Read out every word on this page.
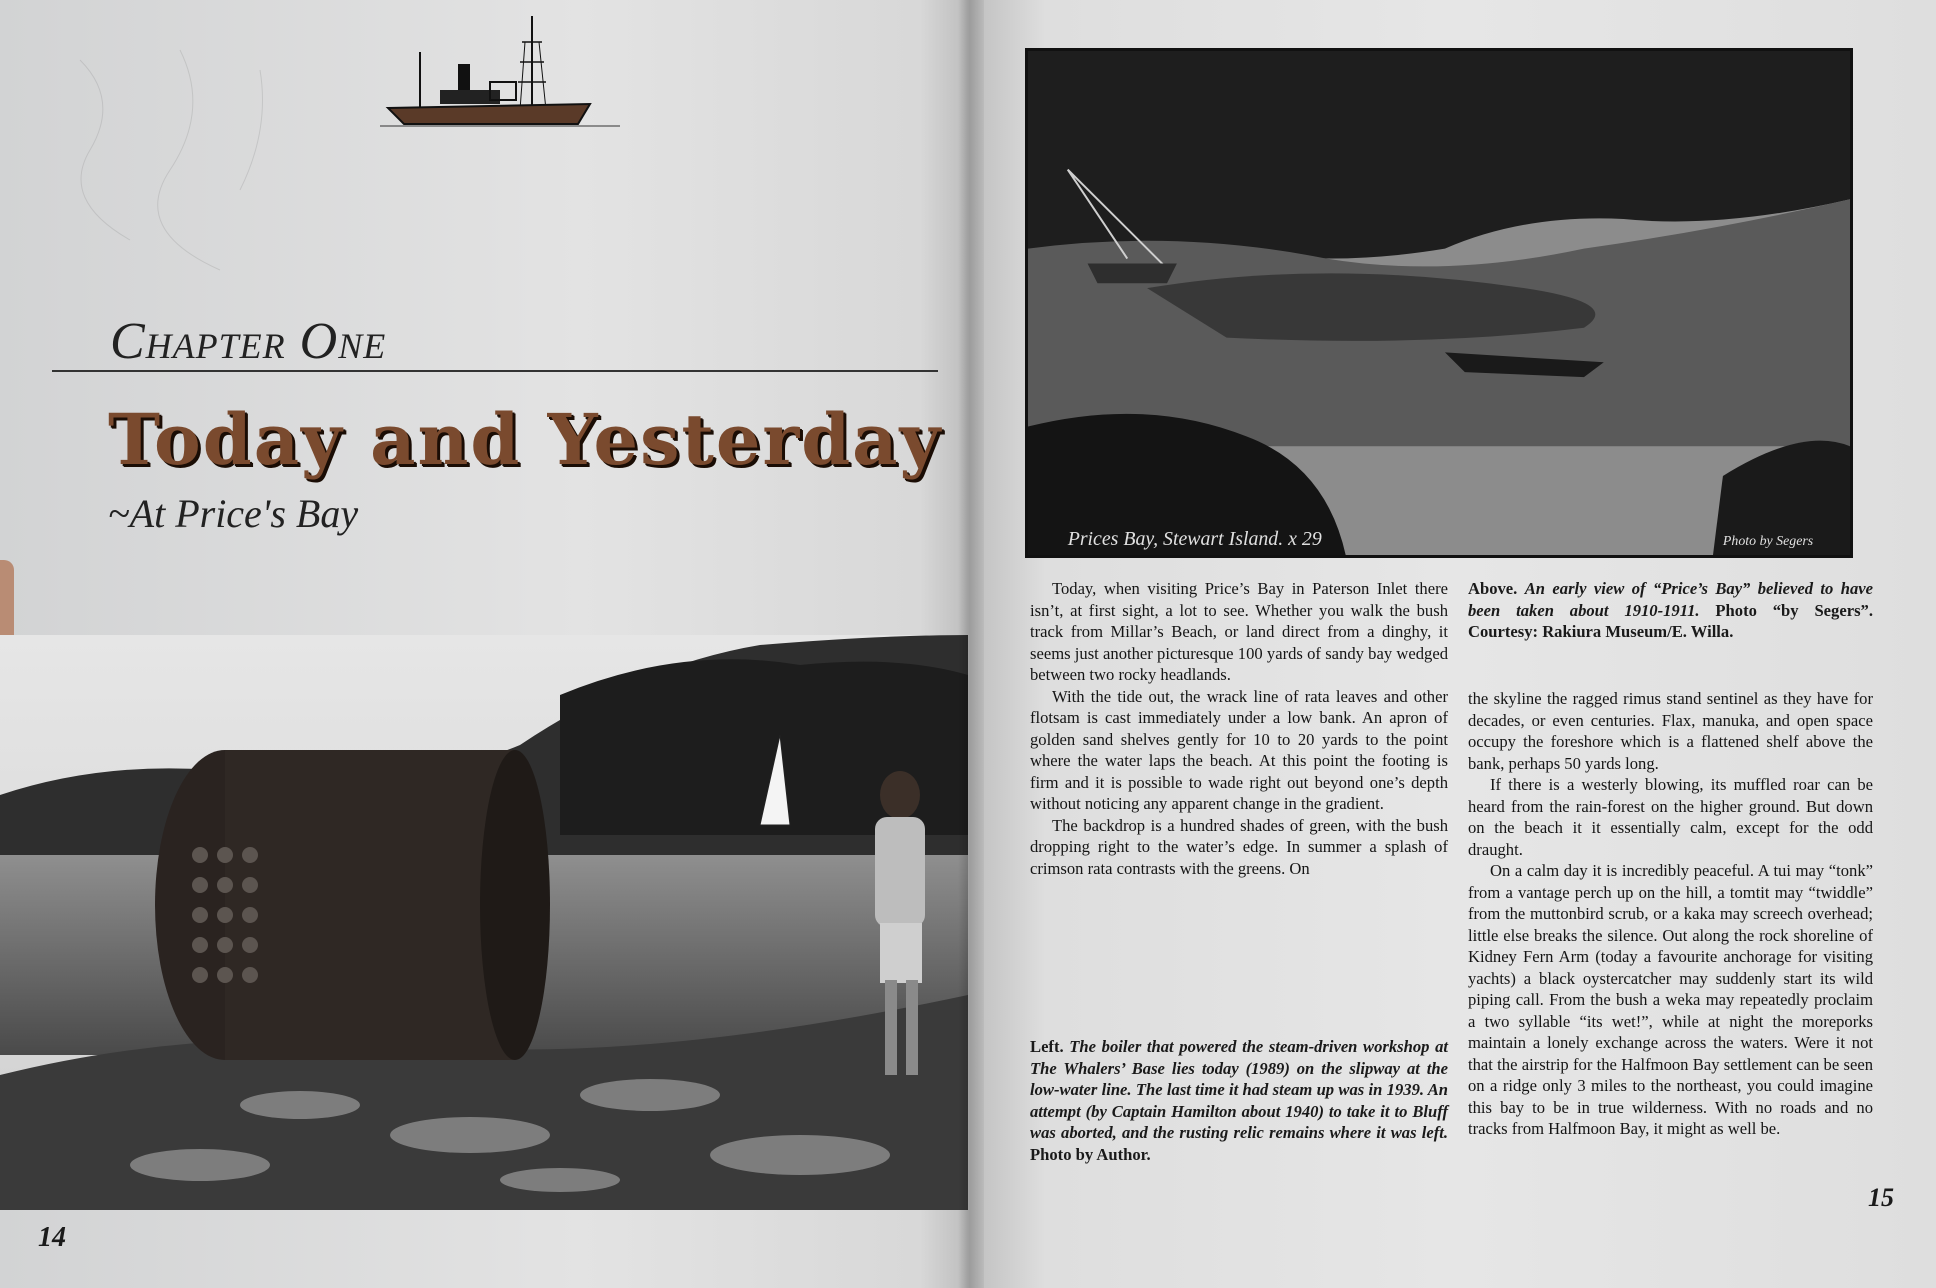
Chapter One
Today and Yesterday
~At Price's Bay
14
Prices Bay, Stewart Island. x 29	Photo by Segers

Today, when visiting Price’s Bay in Paterson Inlet there isn’t, at first sight, a lot to see. Whether you walk the bush track from Millar’s Beach, or land direct from a dinghy, it seems just another picturesque 100 yards of sandy bay wedged between two rocky headlands.

With the tide out, the wrack line of rata leaves and other flotsam is cast immediately under a low bank. An apron of golden sand shelves gently for 10 to 20 yards to the point where the water laps the beach. At this point the footing is firm and it is possible to wade right out beyond one’s depth without noticing any apparent change in the gradient.

The backdrop is a hundred shades of green, with the bush dropping right to the water’s edge. In summer a splash of crimson rata contrasts with the greens. On

Above. An early view of “Price’s Bay” believed to have been taken about 1910-1911. Photo “by Segers”. Courtesy: Rakiura Museum/E. Willa.

the skyline the ragged rimus stand sentinel as they have for decades, or even centuries. Flax, manuka, and open space occupy the foreshore which is a flattened shelf above the bank, perhaps 50 yards long.

If there is a westerly blowing, its muffled roar can be heard from the rain-forest on the higher ground. But down on the beach it it essentially calm, except for the odd draught.

On a calm day it is incredibly peaceful. A tui may “tonk” from a vantage perch up on the hill, a tomtit may “twiddle” from the muttonbird scrub, or a kaka may screech overhead; little else breaks the silence. Out along the rock shoreline of Kidney Fern Arm (today a favourite anchorage for visiting yachts) a black oystercatcher may suddenly start its wild piping call. From the bush a weka may repeatedly proclaim a two syllable “its wet!”, while at night the moreporks maintain a lonely exchange across the waters. Were it not that the airstrip for the Halfmoon Bay settlement can be seen on a ridge only 3 miles to the northeast, you could imagine this bay to be in true wilderness. With no roads and no tracks from Halfmoon Bay, it might as well be.

Left. The boiler that powered the steam-driven workshop at The Whalers’ Base lies today (1989) on the slipway at the low-water line. The last time it had steam up was in 1939. An attempt (by Captain Hamilton about 1940) to take it to Bluff was aborted, and the rusting relic remains where it was left. Photo by Author.
15
